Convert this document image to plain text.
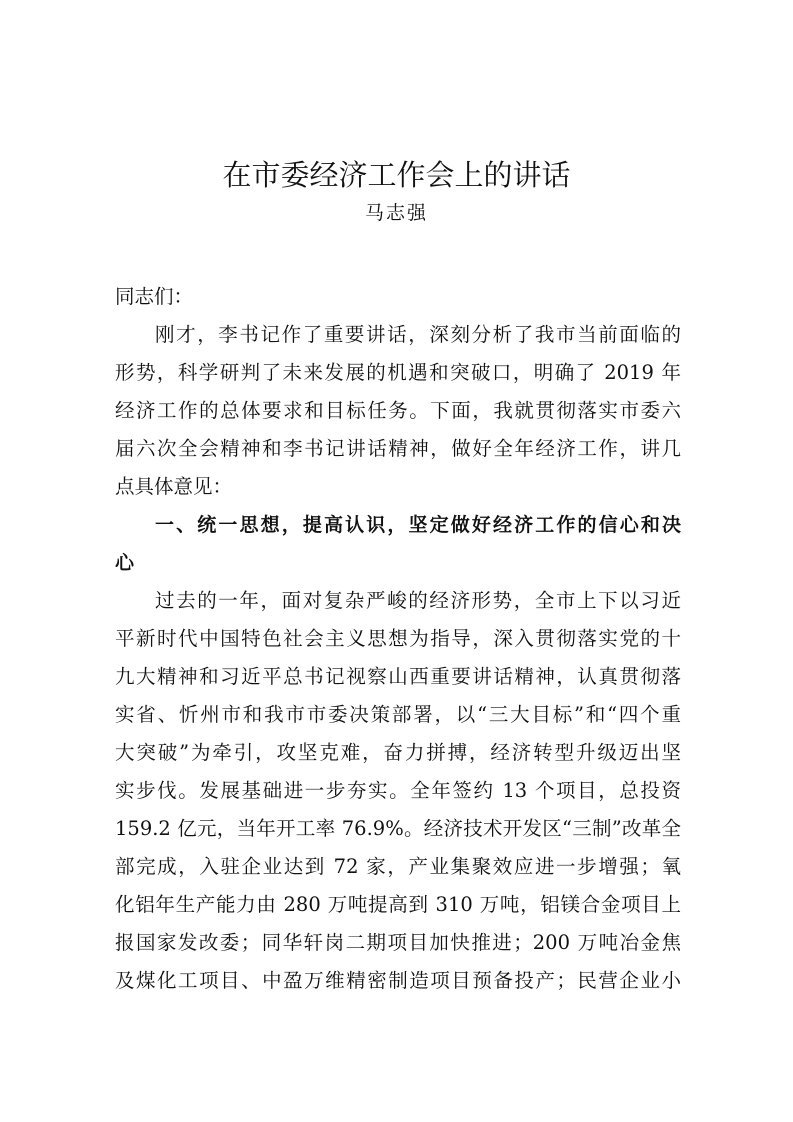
在市委经济工作会上的讲话
马志强
同志们：
刚才，李书记作了重要讲话，深刻分析了我市当前面临的
形势，科学研判了未来发展的机遇和突破口，明确了 2019 年
经济工作的总体要求和目标任务。下面，我就贯彻落实市委六
届六次全会精神和李书记讲话精神，做好全年经济工作，讲几
点具体意见：
一、统一思想，提高认识，坚定做好经济工作的信心和决
心
过去的一年，面对复杂严峻的经济形势，全市上下以习近
平新时代中国特色社会主义思想为指导，深入贯彻落实党的十
九大精神和习近平总书记视察山西重要讲话精神，认真贯彻落
实省、忻州市和我市市委决策部署，以“三大目标”和“四个重
大突破”为牵引，攻坚克难，奋力拼搏，经济转型升级迈出坚
实步伐。发展基础进一步夯实。全年签约 13 个项目，总投资
159.2 亿元，当年开工率 76.9%。经济技术开发区“三制”改革全
部完成，入驻企业达到 72 家，产业集聚效应进一步增强；氧
化铝年生产能力由 280 万吨提高到 310 万吨，铝镁合金项目上
报国家发改委；同华轩岗二期项目加快推进；200 万吨冶金焦
及煤化工项目、中盈万维精密制造项目预备投产；民营企业小
